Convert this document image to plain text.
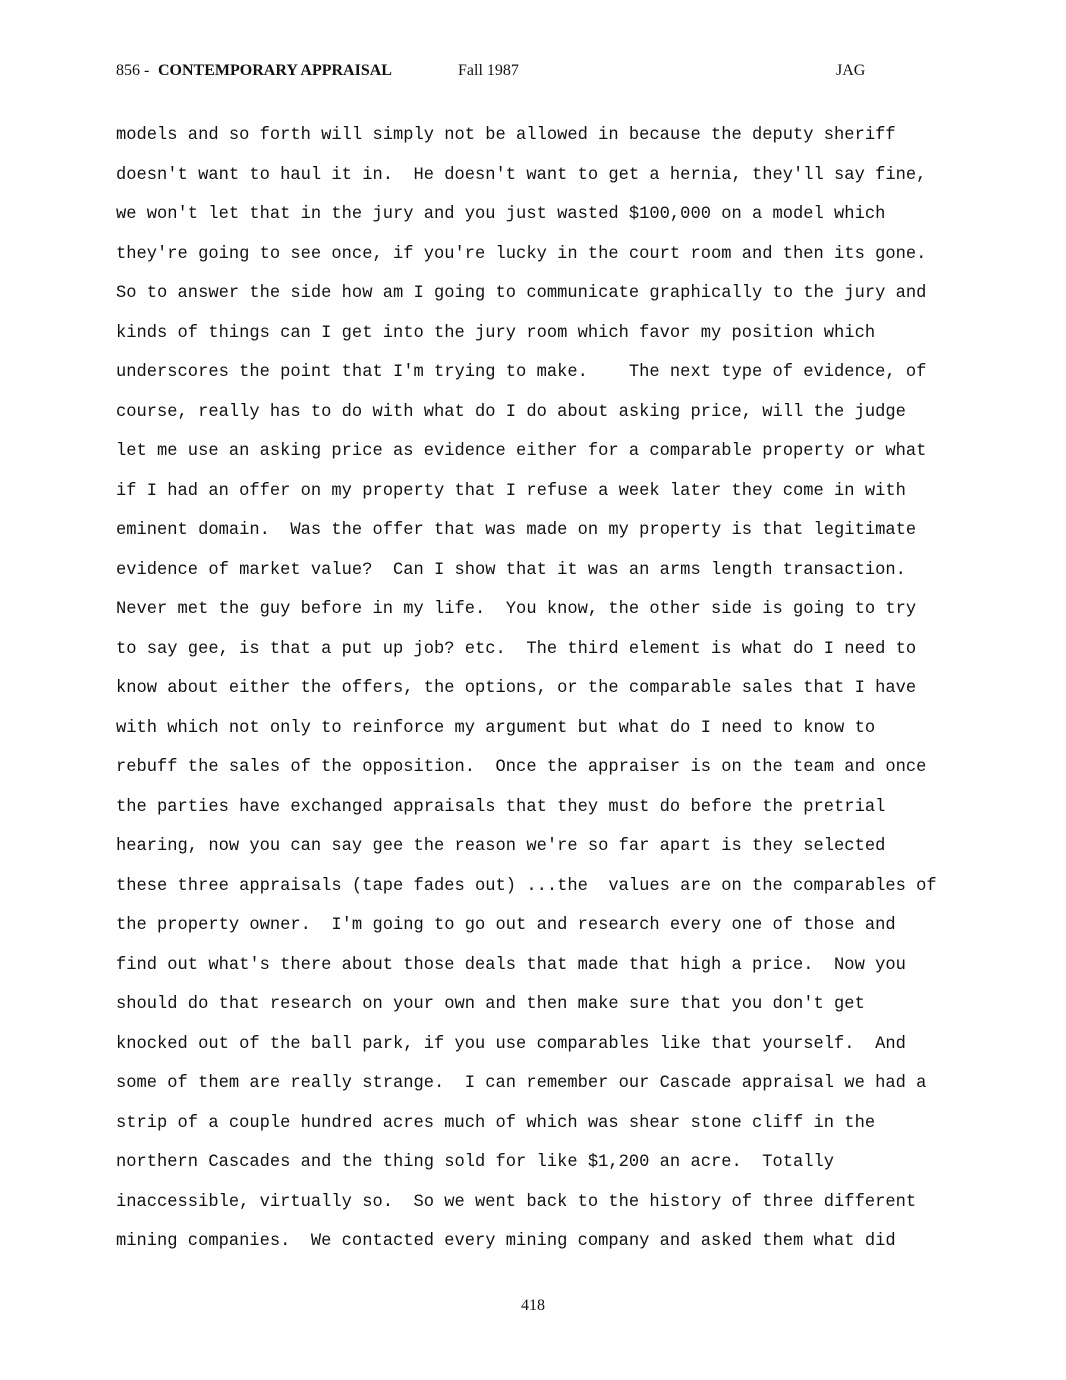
856 - CONTEMPORARY APPRAISAL	Fall 1987	JAG
models and so forth will simply not be allowed in because the deputy sheriff
doesn't want to haul it in.  He doesn't want to get a hernia, they'll say fine,
we won't let that in the jury and you just wasted $100,000 on a model which
they're going to see once, if you're lucky in the court room and then its gone.
So to answer the side how am I going to communicate graphically to the jury and
kinds of things can I get into the jury room which favor my position which
underscores the point that I'm trying to make.    The next type of evidence, of
course, really has to do with what do I do about asking price, will the judge
let me use an asking price as evidence either for a comparable property or what
if I had an offer on my property that I refuse a week later they come in with
eminent domain.  Was the offer that was made on my property is that legitimate
evidence of market value?  Can I show that it was an arms length transaction.
Never met the guy before in my life.  You know, the other side is going to try
to say gee, is that a put up job? etc.  The third element is what do I need to
know about either the offers, the options, or the comparable sales that I have
with which not only to reinforce my argument but what do I need to know to
rebuff the sales of the opposition.  Once the appraiser is on the team and once
the parties have exchanged appraisals that they must do before the pretrial
hearing, now you can say gee the reason we're so far apart is they selected
these three appraisals (tape fades out) ...the  values are on the comparables of
the property owner.  I'm going to go out and research every one of those and
find out what's there about those deals that made that high a price.  Now you
should do that research on your own and then make sure that you don't get
knocked out of the ball park, if you use comparables like that yourself.  And
some of them are really strange.  I can remember our Cascade appraisal we had a
strip of a couple hundred acres much of which was shear stone cliff in the
northern Cascades and the thing sold for like $1,200 an acre.  Totally
inaccessible, virtually so.  So we went back to the history of three different
mining companies.  We contacted every mining company and asked them what did
418
